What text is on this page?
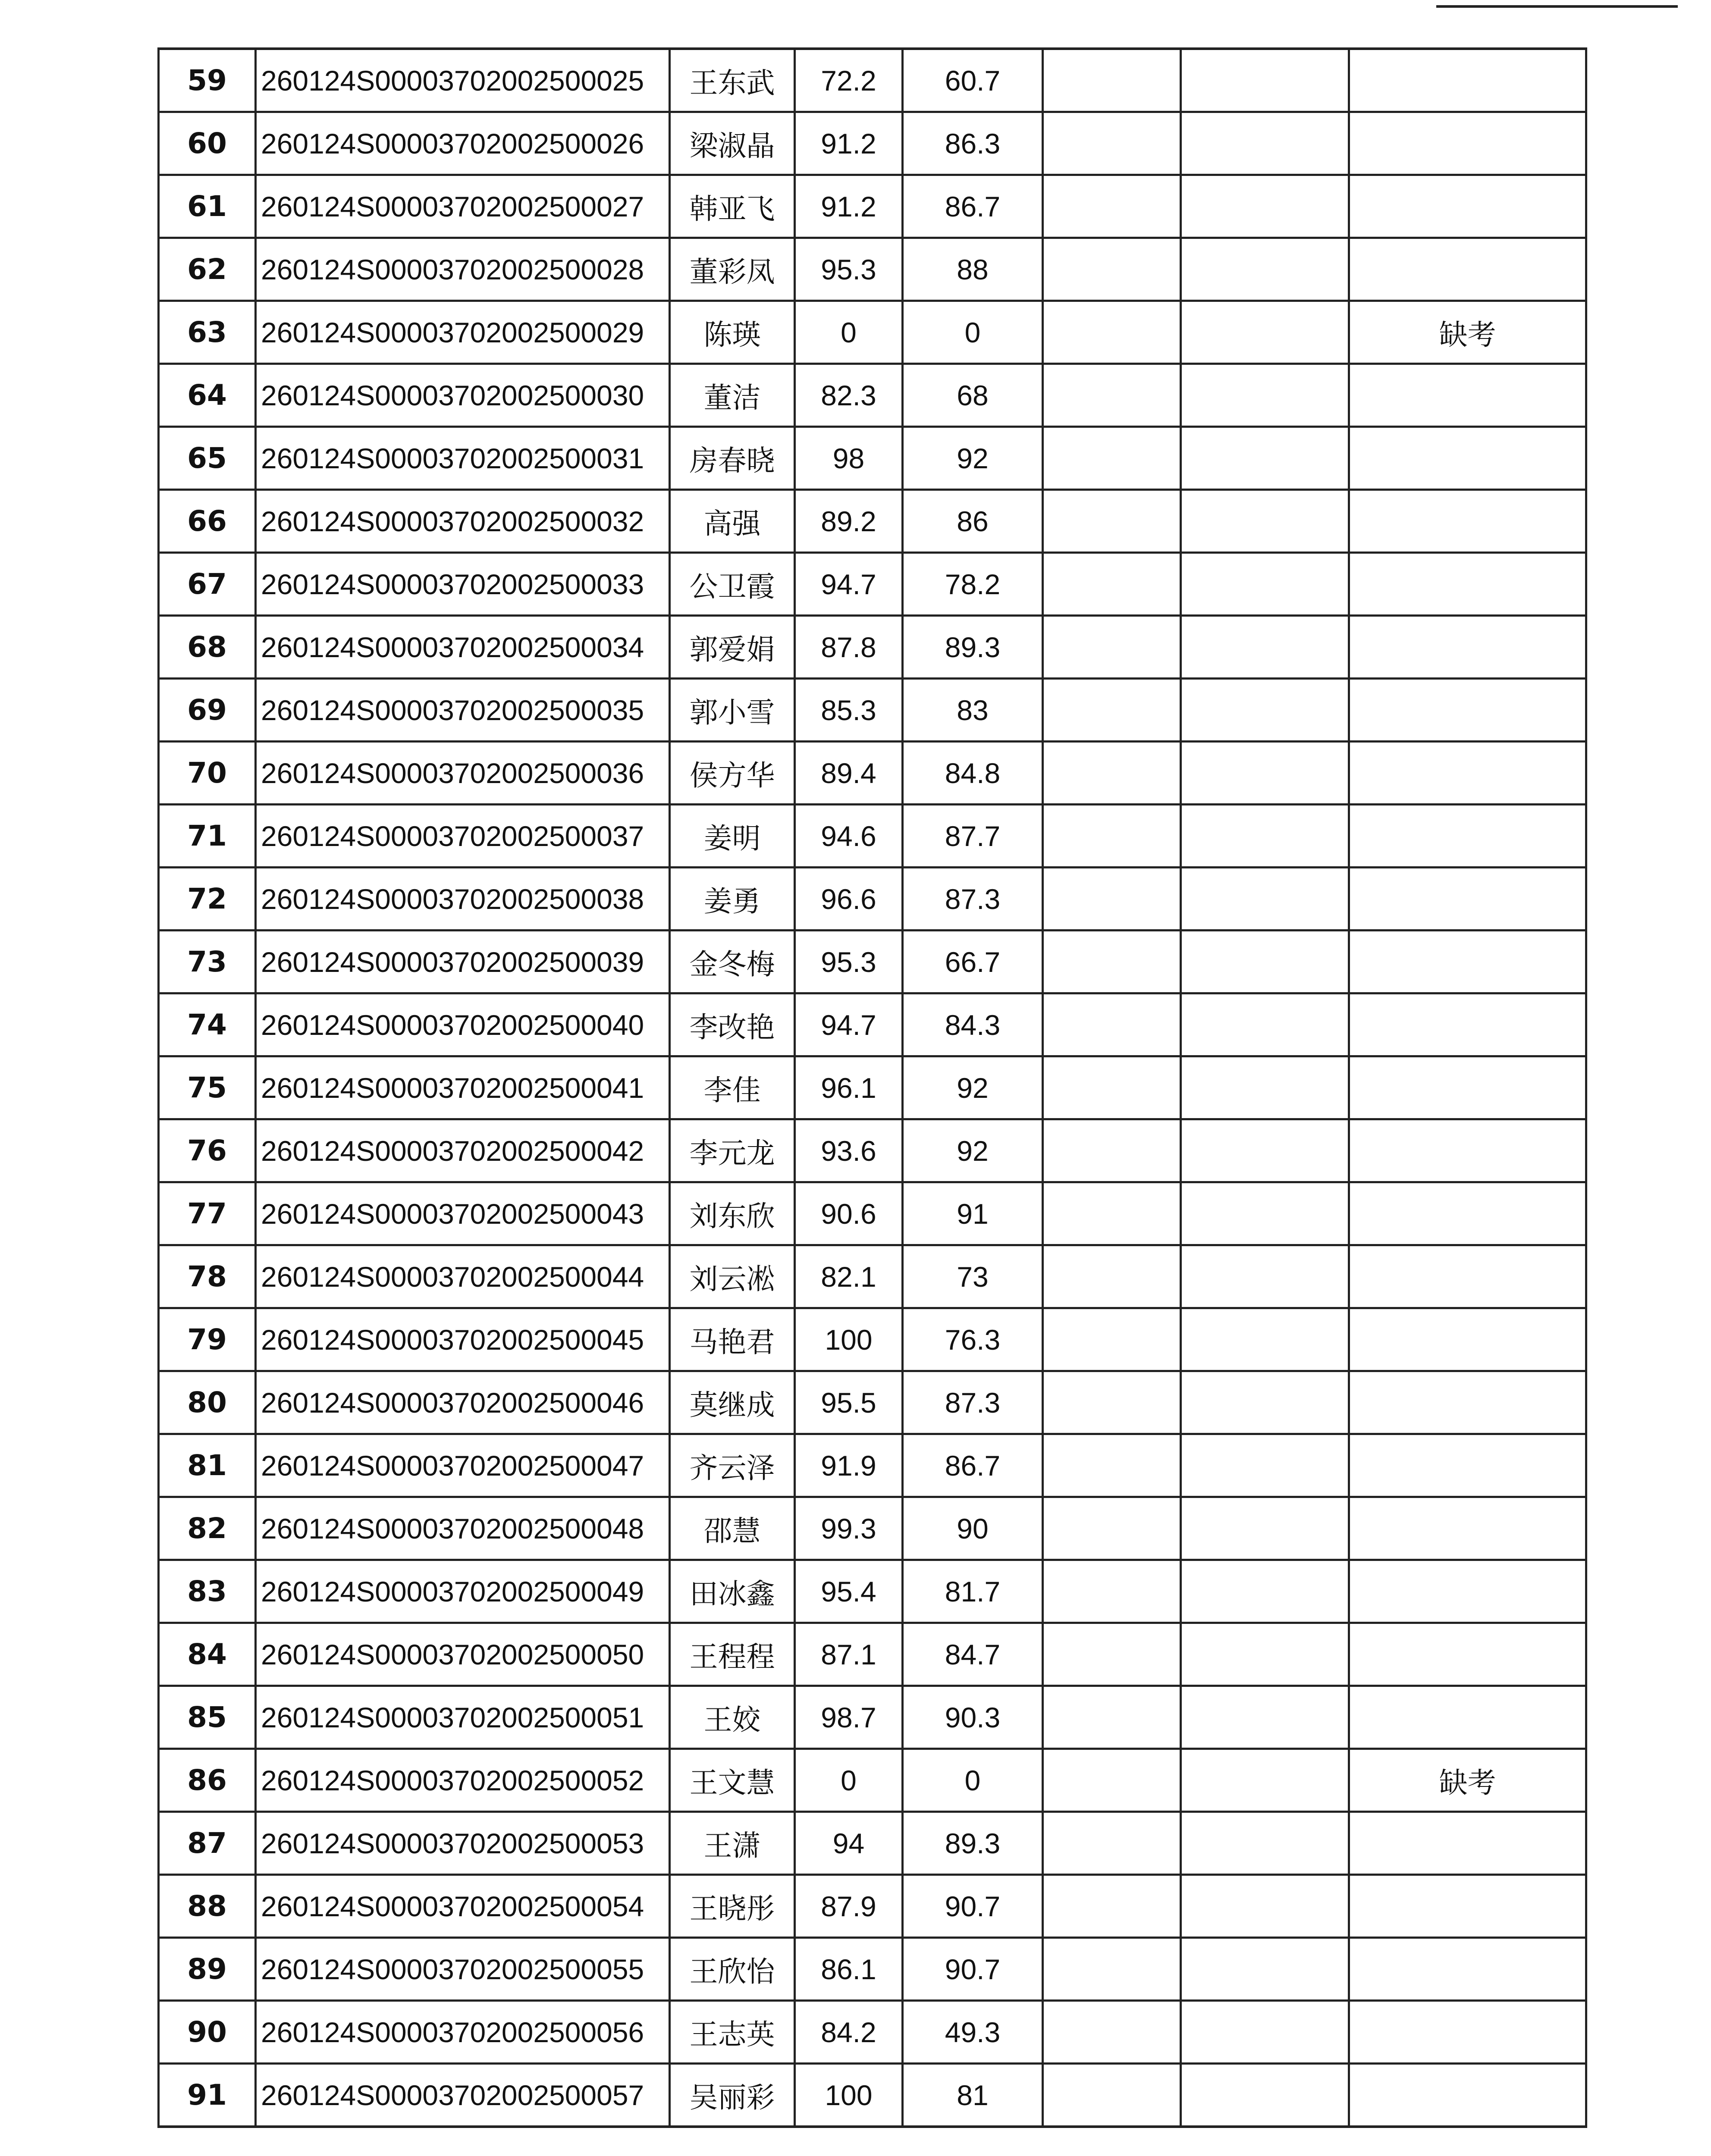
59	260124S00003702002500025	王东武	72.2	60.7			
60	260124S00003702002500026	梁淑晶	91.2	86.3			
61	260124S00003702002500027	韩亚飞	91.2	86.7			
62	260124S00003702002500028	董彩凤	95.3	88			
63	260124S00003702002500029	陈瑛	0	0			缺考
64	260124S00003702002500030	董洁	82.3	68			
65	260124S00003702002500031	房春晓	98	92			
66	260124S00003702002500032	高强	89.2	86			
67	260124S00003702002500033	公卫霞	94.7	78.2			
68	260124S00003702002500034	郭爱娟	87.8	89.3			
69	260124S00003702002500035	郭小雪	85.3	83			
70	260124S00003702002500036	侯方华	89.4	84.8			
71	260124S00003702002500037	姜明	94.6	87.7			
72	260124S00003702002500038	姜勇	96.6	87.3			
73	260124S00003702002500039	金冬梅	95.3	66.7			
74	260124S00003702002500040	李改艳	94.7	84.3			
75	260124S00003702002500041	李佳	96.1	92			
76	260124S00003702002500042	李元龙	93.6	92			
77	260124S00003702002500043	刘东欣	90.6	91			
78	260124S00003702002500044	刘云凇	82.1	73			
79	260124S00003702002500045	马艳君	100	76.3			
80	260124S00003702002500046	莫继成	95.5	87.3			
81	260124S00003702002500047	齐云泽	91.9	86.7			
82	260124S00003702002500048	邵慧	99.3	90			
83	260124S00003702002500049	田冰鑫	95.4	81.7			
84	260124S00003702002500050	王程程	87.1	84.7			
85	260124S00003702002500051	王姣	98.7	90.3			
86	260124S00003702002500052	王文慧	0	0			缺考
87	260124S00003702002500053	王潇	94	89.3			
88	260124S00003702002500054	王晓彤	87.9	90.7			
89	260124S00003702002500055	王欣怡	86.1	90.7			
90	260124S00003702002500056	王志英	84.2	49.3			
91	260124S00003702002500057	吴丽彩	100	81			
